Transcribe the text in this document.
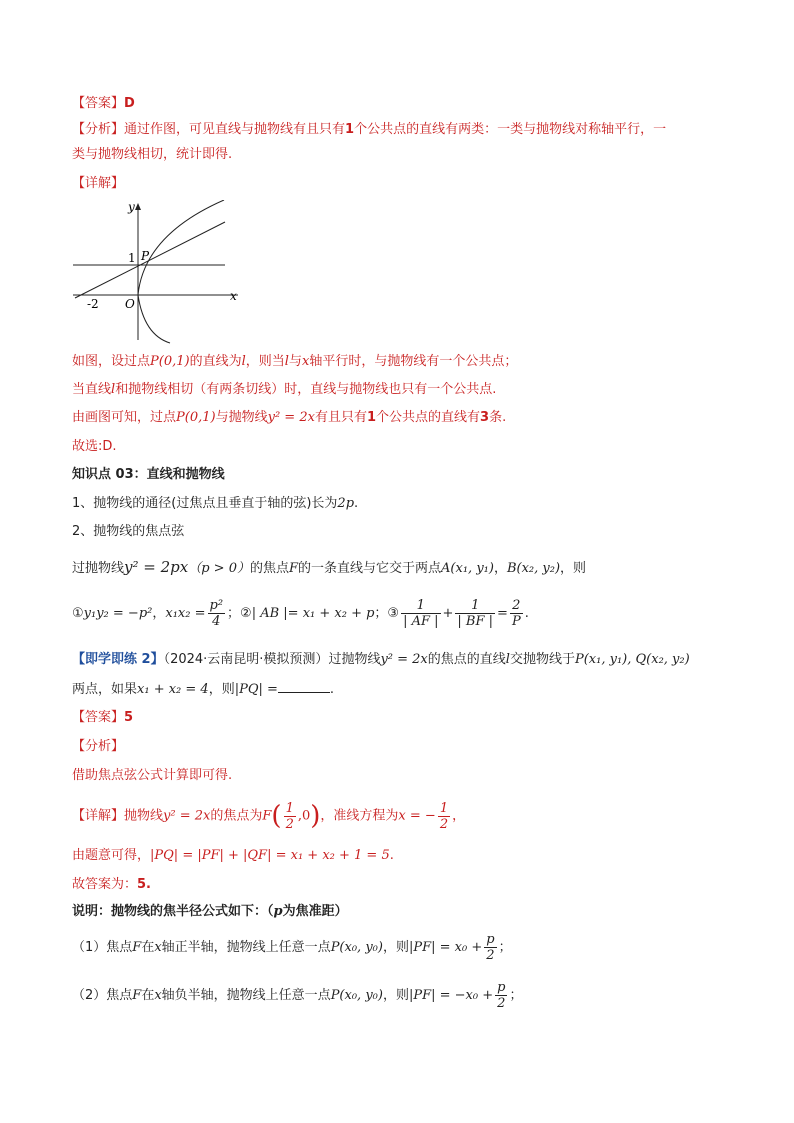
【答案】D
【分析】通过作图，可见直线与抛物线有且只有1个公共点的直线有两类：一类与抛物线对称轴平行，一
类与抛物线相切，统计即得.
【详解】
y
x
1 P
-2 O
如图，设过点P(0,1)的直线为l，则当l与x轴平行时，与抛物线有一个公共点；
当直线l和抛物线相切（有两条切线）时，直线与抛物线也只有一个公共点.
由画图可知，过点P(0,1)与抛物线y² = 2x有且只有1个公共点的直线有3条.
故选:D.
知识点 03：直线和抛物线
1、抛物线的通径(过焦点且垂直于轴的弦)长为2p.
2、抛物线的焦点弦
过抛物线y² = 2px（p > 0）的焦点F的一条直线与它交于两点A(x₁, y₁)，B(x₂, y₂)，则
①y₁y₂ = −p²，$x_1x_2 = \frac{\text{p²}}{4}$ ；②| AB |= x₁ + x₂ + p；③ $\frac{1}{| AF |} + \frac{1}{| BF |} = \frac{2}{P}$ .
【即学即练 2】（2024·云南昆明·模拟预测）过抛物线y² = 2x的焦点的直线l交抛物线于P(x₁, y₁), Q(x₂, y₂)
两点，如果x₁ + x₂ = 4，则|PQ| =	.
【答案】5
【分析】
借助焦点弦公式计算即可得.
【详解】抛物线y² = 2x的焦点为$F( \frac{1}{2} ,0)$，准线方程为x = − $\frac{1}{2}$ ，
由题意可得，|PQ| = |PF| + |QF| = x₁ + x₂ + 1 = 5.
故答案为：5.
说明：抛物线的焦半径公式如下：（p为焦准距）
（1）焦点F在x轴正半轴，抛物线上任意一点P(x₀, y₀)，则$|PF| = x_0 + \frac{p}{2}$ ；
（2）焦点F在x轴负半轴，抛物线上任意一点P(x₀, y₀)，则$|PF| = -x_0 + \frac{p}{2}$ ；
